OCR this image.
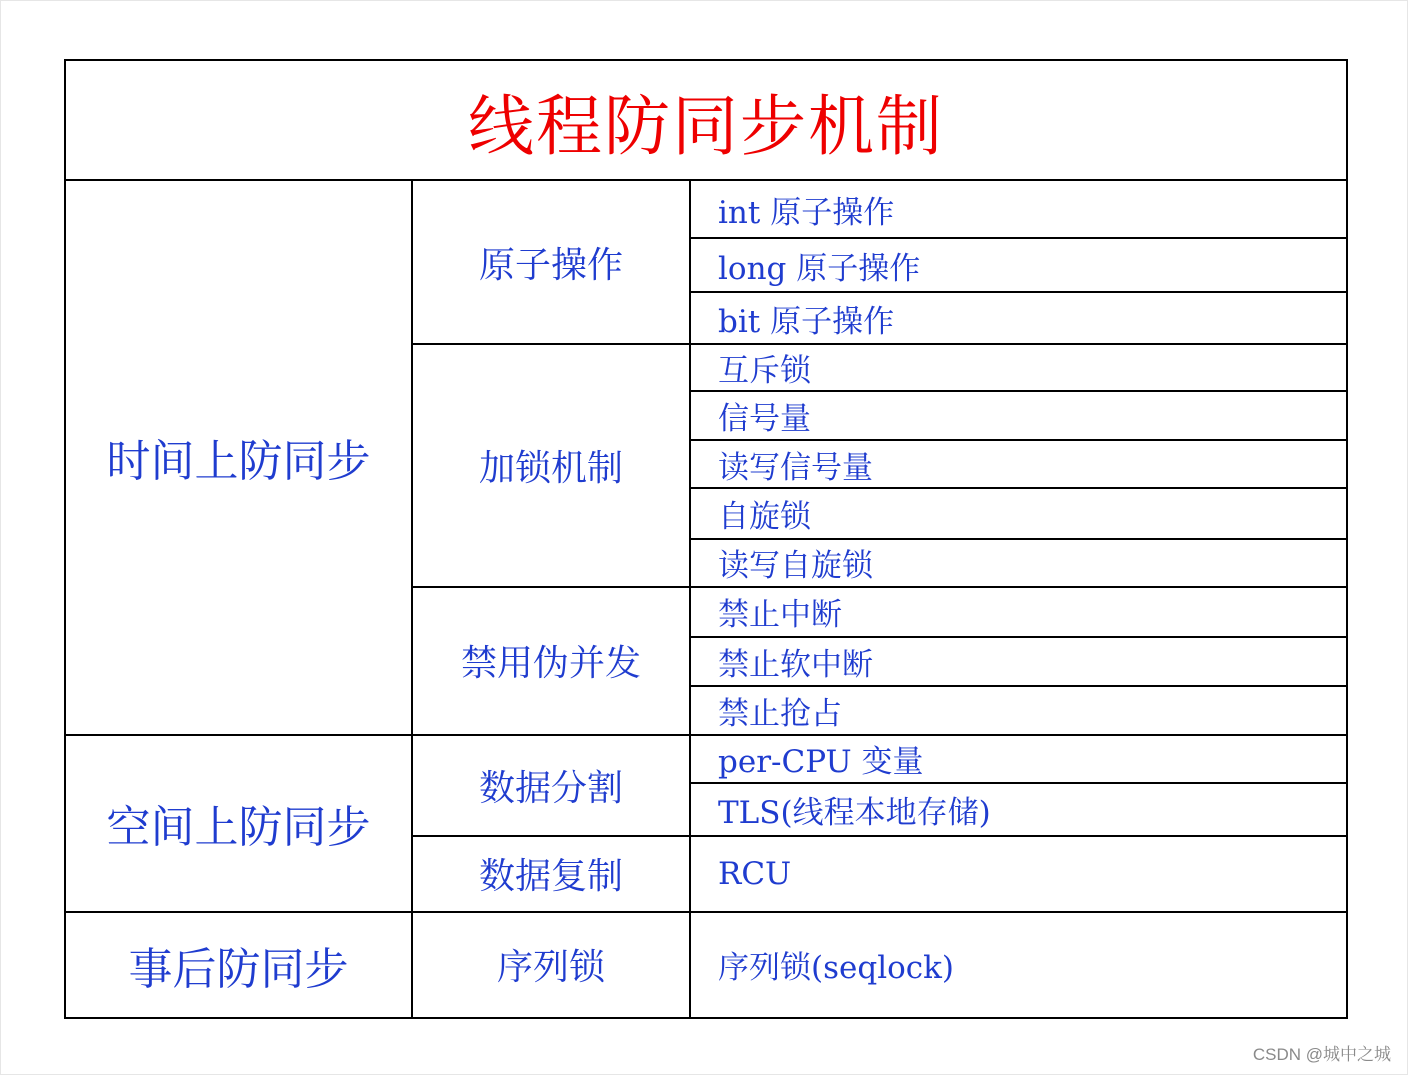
线程防同步机制		
时间上防同步	原子操作	int 原子操作
		long 原子操作
		bit 原子操作
	加锁机制	互斥锁
		信号量
		读写信号量
		自旋锁
		读写自旋锁
	禁用伪并发	禁止中断
		禁止软中断
		禁止抢占
空间上防同步	数据分割	per-CPU 变量
		TLS(线程本地存储)
	数据复制	RCU
事后防同步	序列锁	序列锁(seqlock)
CSDN @城中之城
